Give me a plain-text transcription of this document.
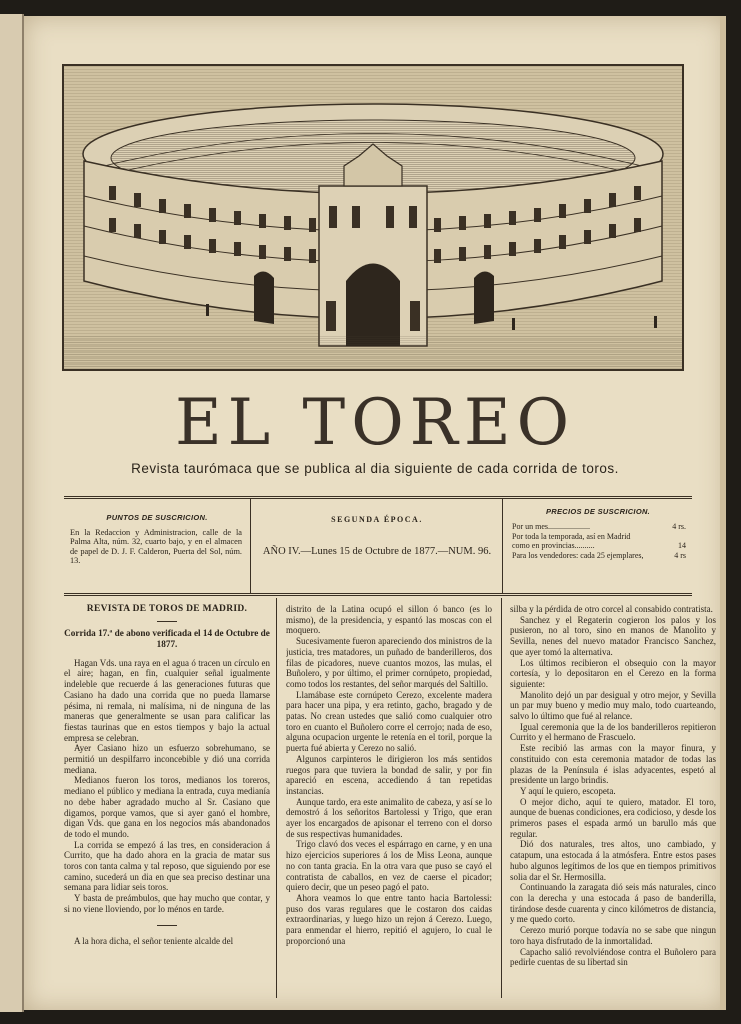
EL TOREO
Revista taurómaca que se publica al dia siguiente de cada corrida de toros.
PUNTOS DE SUSCRICION.
En la Redaccion y Administracion, calle de la Palma Alta, núm. 32, cuarto bajo, y en el almacen de papel de D. J. F. Calderon, Puerta del Sol, núm. 13.
SEGUNDA ÉPOCA.
AÑO IV.—Lunes 15 de Octubre de 1877.—NUM. 96.
PRECIOS DE SUSCRICION.
Por un mes.....................	4 rs.
Por toda la temporada, así en Madrid
como en provincias..........	14
Para los vendedores: cada 25 ejemplares,	4 rs

REVISTA DE TOROS DE MADRID.

Corrida 17.ª de abono verificada el 14 de Octubre de 1877.

Hagan Vds. una raya en el agua ó tracen un círculo en el aire; hagan, en fin, cualquier señal igualmente indeleble que recuerde á las generaciones futuras que Casiano ha dado una corrida que no pueda llamarse pésima, ni remala, ni malísima, ni de ninguna de las maneras que generalmente se usan para calificar las fiestas taurinas que en estos tiempos y bajo la actual empresa se celebran.

Ayer Casiano hizo un esfuerzo sobrehumano, se permitió un despilfarro inconcebible y dió una corrida mediana.

Medianos fueron los toros, medianos los toreros, mediano el público y mediana la entrada, cuya medianía no debe haber agradado mucho al Sr. Casiano que digamos, porque vamos, que si ayer ganó el hombre, digan Vds. que gana en los negocios más abandonados de todo el mundo.

La corrida se empezó á las tres, en consideracion á Currito, que ha dado ahora en la gracia de matar sus toros con tanta calma y tal reposo, que siguiendo por ese camino, sucederá un dia en que sea preciso destinar una semana para lidiar seis toros.

Y basta de preámbulos, que hay mucho que contar, y si no viene lloviendo, por lo ménos en tarde.

A la hora dicha, el señor teniente alcalde del

distrito de la Latina ocupó el sillon ó banco (es lo mismo), de la presidencia, y espantó las moscas con el moquero.

Sucesivamente fueron apareciendo dos ministros de la justicia, tres matadores, un puñado de banderilleros, dos filas de picadores, nueve cuantos mozos, las mulas, el Buñolero, y por último, el primer cornúpeto, propiedad, como todos los restantes, del señor marqués del Saltillo.

Llamábase este cornúpeto Cerezo, excelente madera para hacer una pipa, y era retinto, gacho, bragado y de patas. No crean ustedes que salió como cualquier otro toro en cuanto el Buñolero corre el cerrojo; nada de eso, alguna ocupacion urgente le retenía en el toril, porque la puerta fué abierta y Cerezo no salió.

Algunos carpinteros le dirigieron los más sentidos ruegos para que tuviera la bondad de salir, y por fin apareció en escena, accediendo á tan repetidas instancias.

Aunque tardo, era este animalito de cabeza, y así se lo demostró á los señoritos Bartolessi y Trigo, que eran ayer los encargados de apisonar el terreno con el dorso de sus respectivas humanidades.

Trigo clavó dos veces el espárrago en carne, y en una hizo ejercicios superiores á los de Miss Leona, aunque no con tanta gracia. En la otra vara que puso se cayó el contratista de caballos, en vez de caerse el picador; quiero decir, que un peseo pagó el pato.

Ahora veamos lo que entre tanto hacia Bartolessi: puso dos varas regulares que le costaron dos caidas extraordinarias, y luego hizo un rejon á Cerezo. Luego, para enmendar el hierro, repitió el agujero, lo cual le proporcionó una

silba y la pérdida de otro corcel al consabido contratista.

Sanchez y el Regaterin cogieron los palos y los pusieron, no al toro, sino en manos de Manolito y Sevilla, nenes del nuevo matador Francisco Sanchez, que ayer tomó la alternativa.

Los últimos recibieron el obsequio con la mayor cortesía, y lo depositaron en el Cerezo en la forma siguiente:

Manolito dejó un par desigual y otro mejor, y Sevilla un par muy bueno y medio muy malo, todo cuarteando, salvo lo último que fué al relance.

Igual ceremonia que la de los banderilleros repitieron Currito y el hermano de Frascuelo.

Este recibió las armas con la mayor finura, y constituido con esta ceremonia matador de todas las plazas de la Península é islas adyacentes, espetó al presidente un largo brindis.

Y aquí le quiero, escopeta.

O mejor dicho, aquí te quiero, matador. El toro, aunque de buenas condiciones, era codicioso, y desde los primeros pases el espada armó un barullo más que regular.

Dió dos naturales, tres altos, uno cambiado, y catapum, una estocada á la atmósfera. Entre estos pases hubo algunos legítimos de los que en tiempos primitivos solia dar el Sr. Hermosilla.

Continuando la zaragata dió seis más naturales, cinco con la derecha y una estocada á paso de banderilla, tirándose desde cuarenta y cinco kilómetros de distancia, y me quedo corto.

Cerezo murió porque todavía no se sabe que ningun toro haya disfrutado de la inmortalidad.

Capacho salió revolviéndose contra el Buñolero para pedirle cuentas de su libertad sin
